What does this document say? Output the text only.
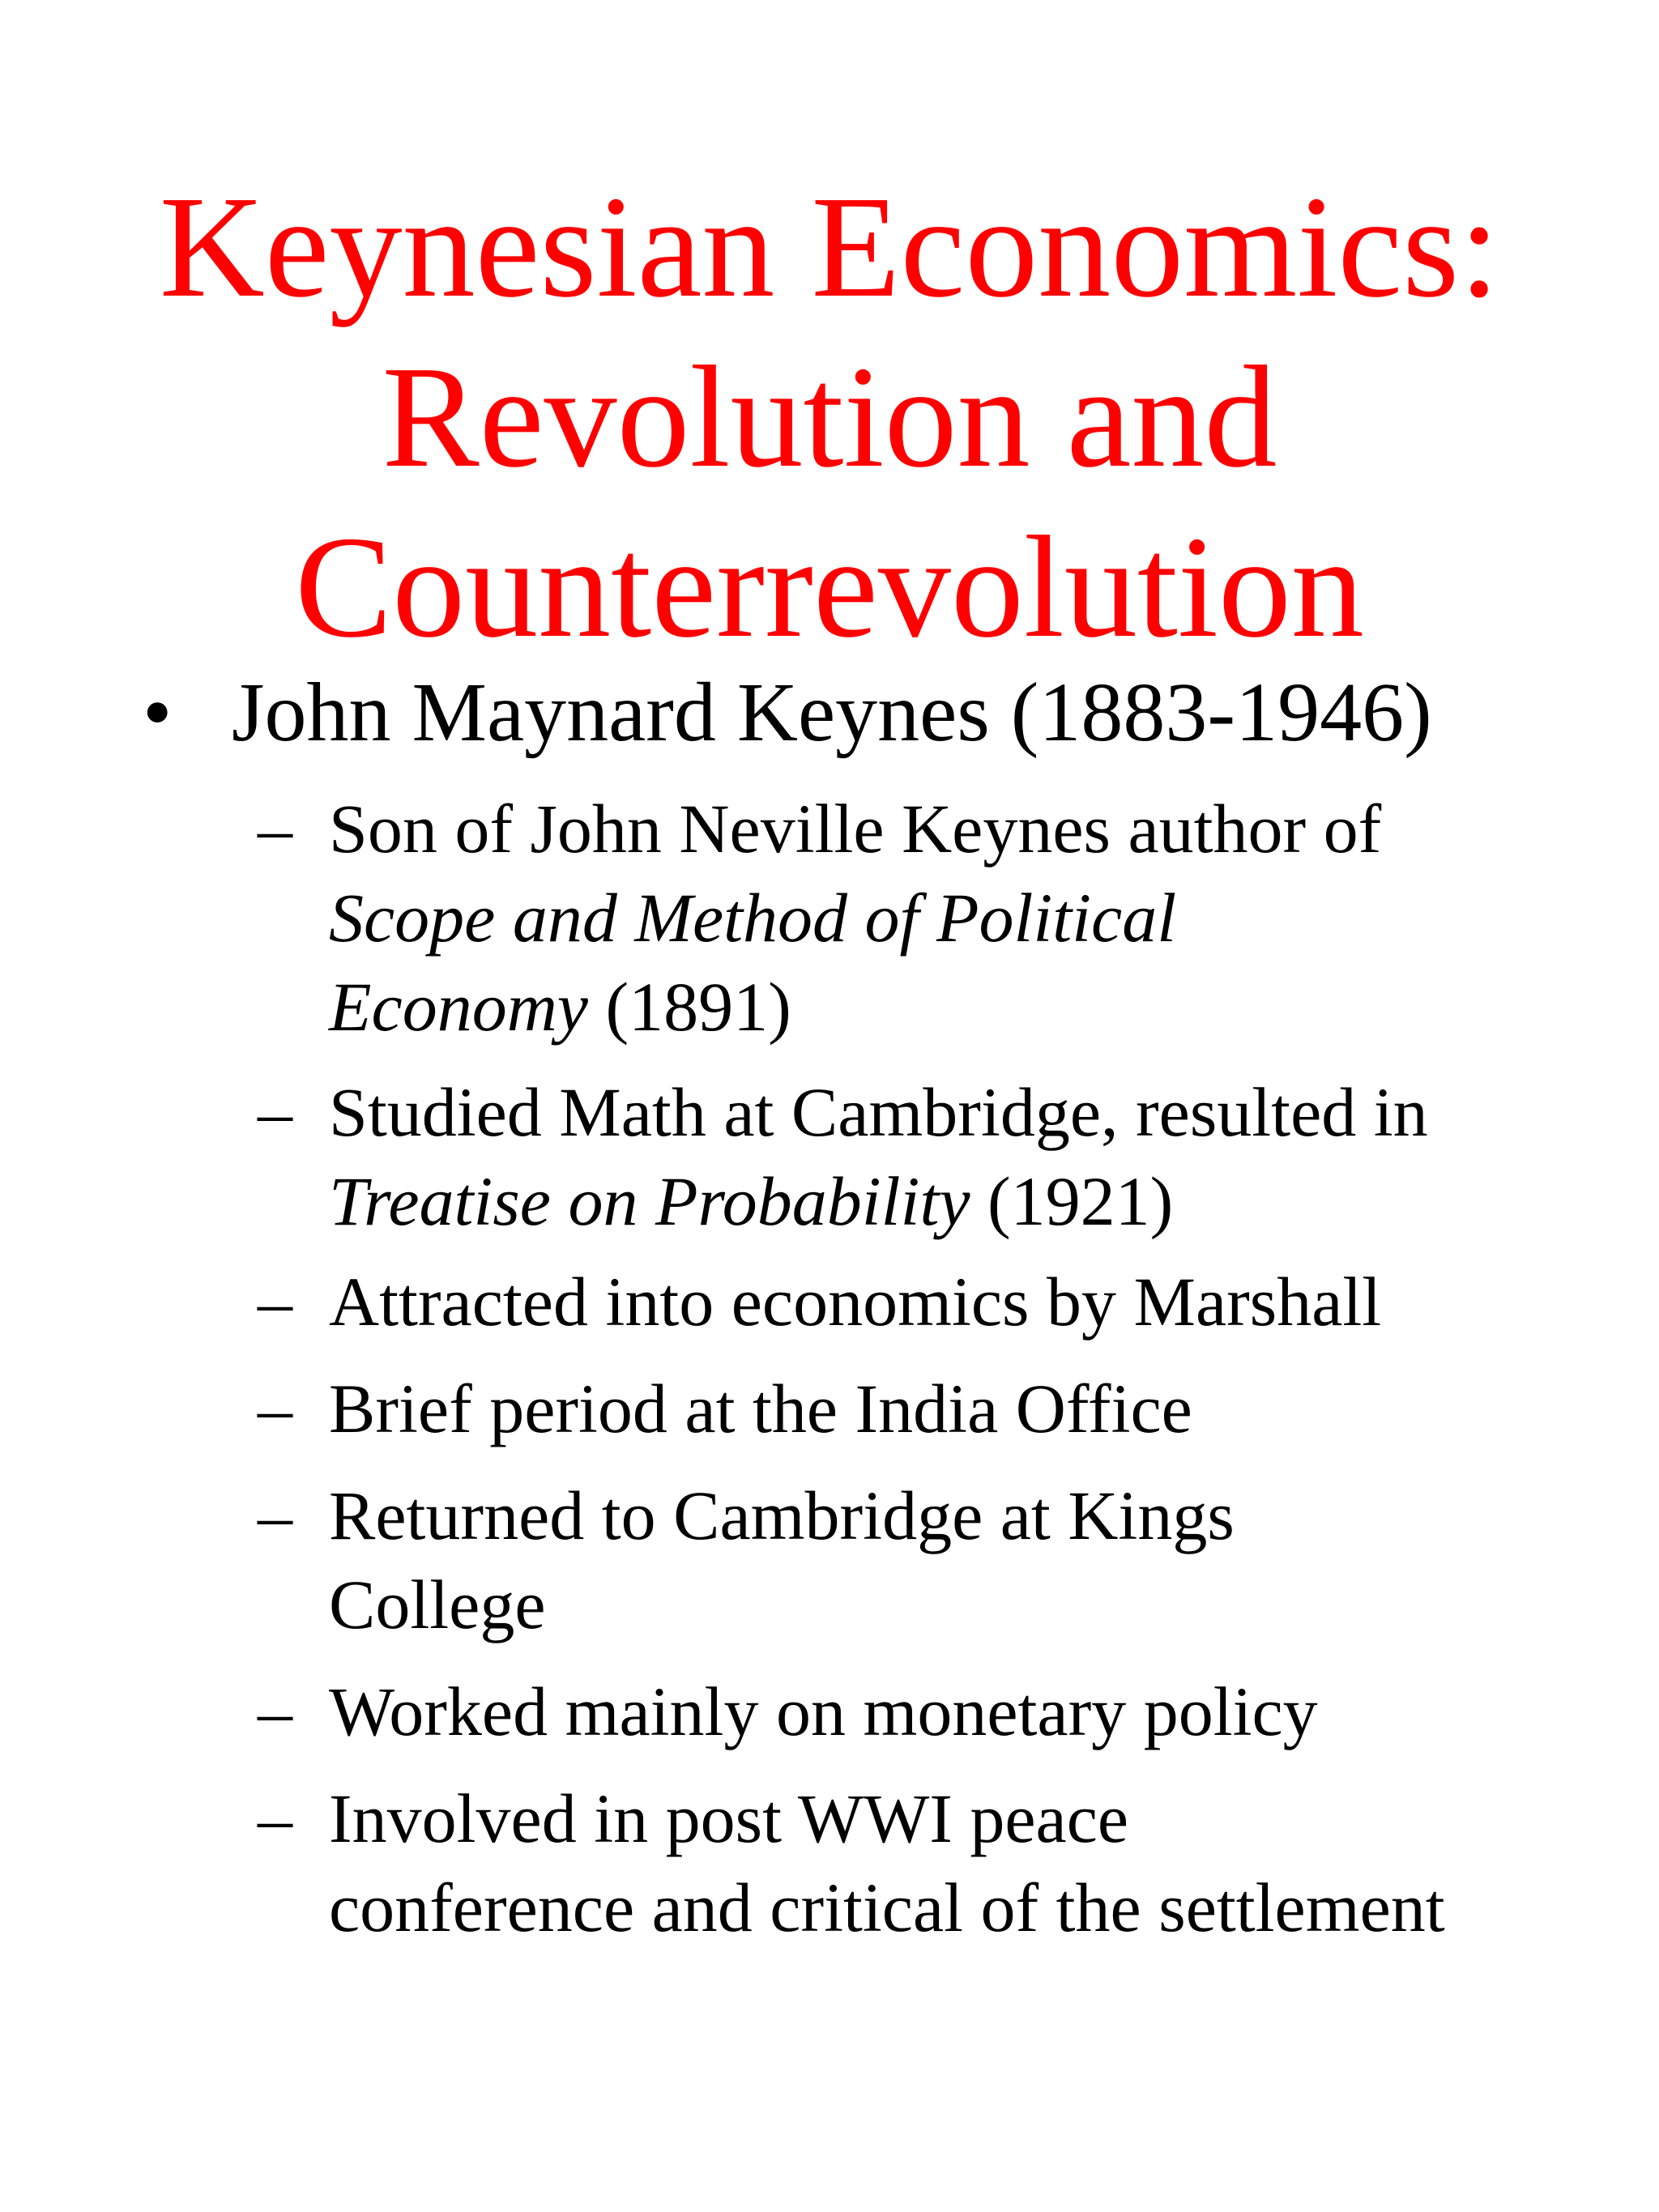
Keynesian Economics:
Revolution and
Counterrevolution
• John Maynard Keynes (1883-1946)
– Son of John Neville Keynes author of
Scope and Method of Political
Economy (1891)
– Studied Math at Cambridge, resulted in
Treatise on Probability (1921)
– Attracted into economics by Marshall
– Brief period at the India Office
– Returned to Cambridge at Kings
College
– Worked mainly on monetary policy
– Involved in post WWI peace
conference and critical of the settlement
